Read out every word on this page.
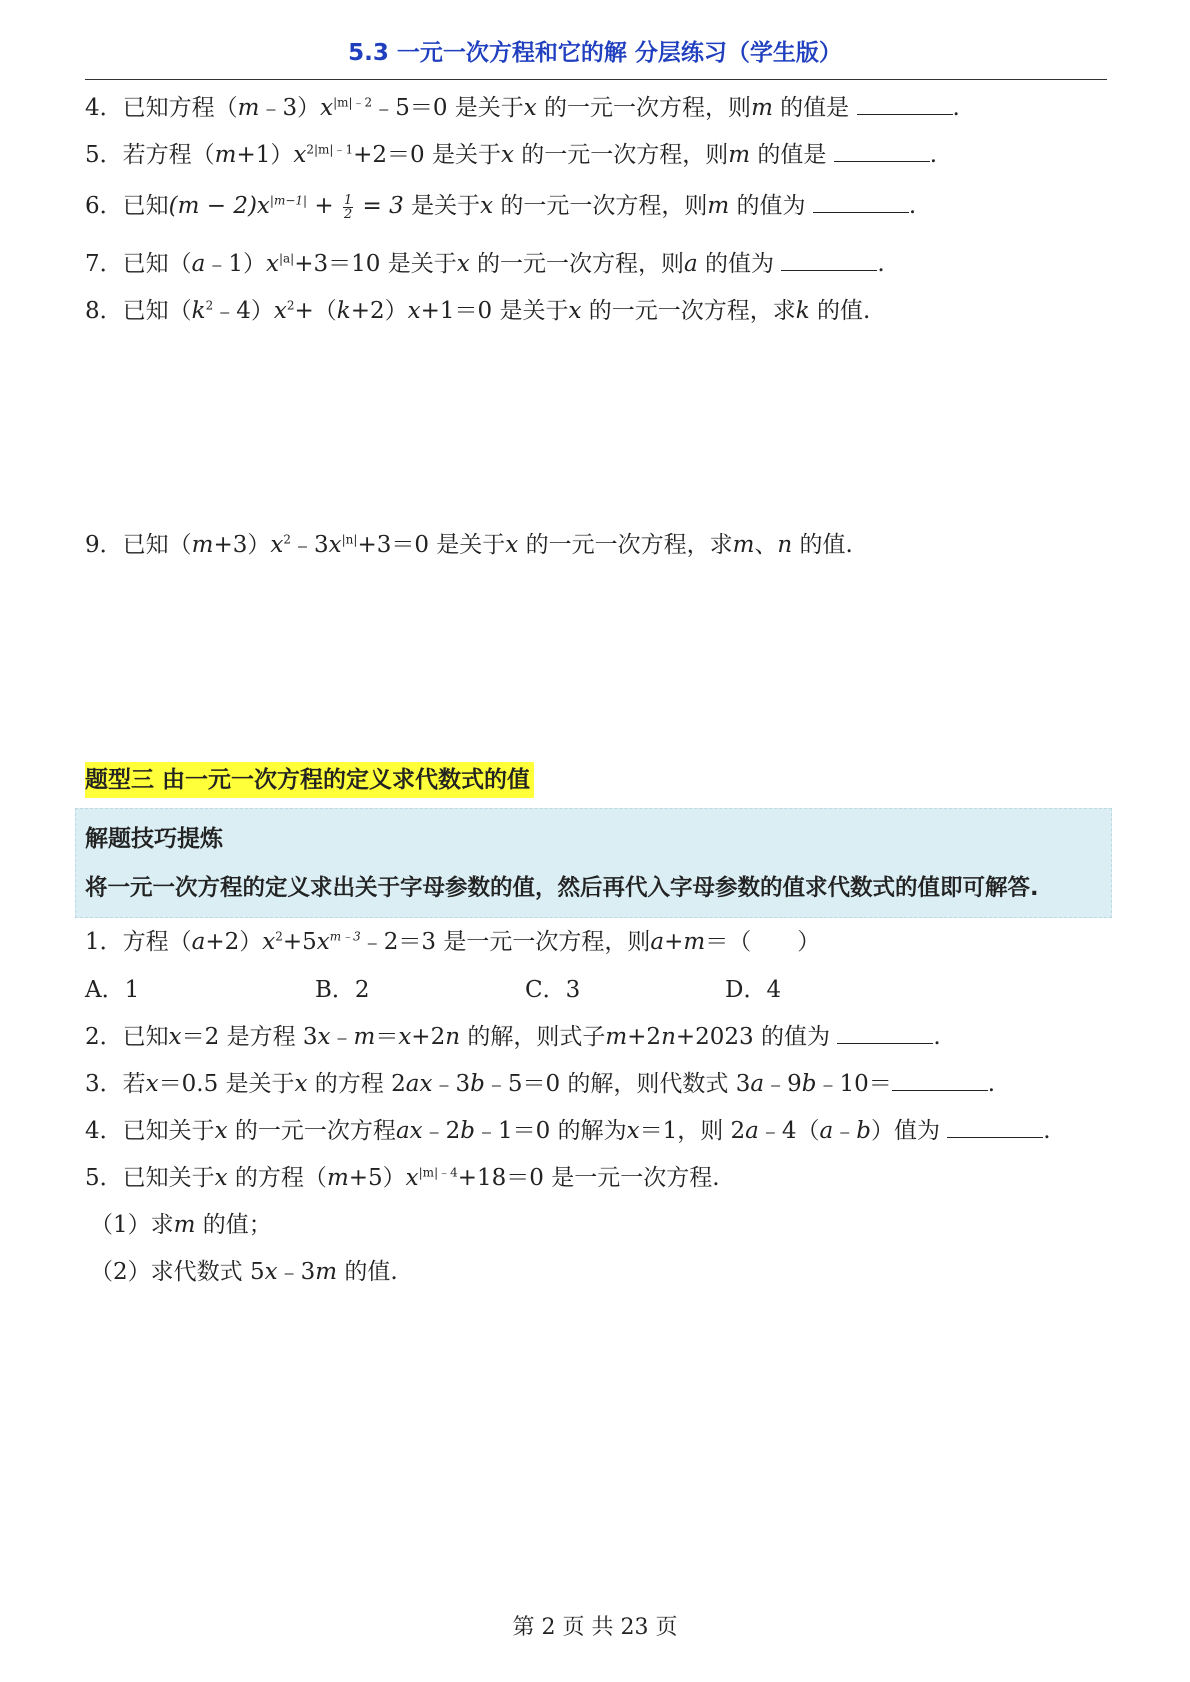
5.3 一元一次方程和它的解 分层练习（学生版）
4．已知方程$(m﹣3)x^{|m|﹣2}﹣5=0$ 是关于x 的一元一次方程，则m 的值是	.
5．若方程$(m+1)x^{2|m|﹣1}+2=0$ 是关于x 的一元一次方程，则m 的值是	.
6．已知$(m - 2)x^{|m-1|} + \frac{1}{2} = 3$ 是关于x 的一元一次方程，则m 的值为	.
7．已知$(a﹣1)x^{|a|}+3=10$ 是关于x 的一元一次方程，则a 的值为	.
8．已知$(k^2﹣4)x^2+(k+2)x+1=0$ 是关于x 的一元一次方程，求k 的值.
9．已知$(m+3)x^2﹣3x^{|n|}+3=0$ 是关于x 的一元一次方程，求m、n 的值.
题型三 由一元一次方程的定义求代数式的值
解题技巧提炼
将一元一次方程的定义求出关于字母参数的值，然后再代入字母参数的值求代数式的值即可解答.
1．方程$(a+2)x^2+5x^{m﹣3}﹣2=3$ 是一元一次方程，则a+m＝（　　）
A．1	B．2	C．3	D．4
2．已知x＝2 是方程 3x﹣m＝x+2n 的解，则式子m+2n+2023 的值为	.
3．若x＝0.5 是关于x 的方程 2ax﹣3b﹣5＝0 的解，则代数式 3a﹣9b﹣10＝	.
4．已知关于x 的一元一次方程ax﹣2b﹣1＝0 的解为x＝1，则 2a﹣4（a﹣b）值为	.
5．已知关于x 的方程$(m+5)x^{|m|﹣4}+18=0$ 是一元一次方程.
（1）求m 的值；
（2）求代数式 5x﹣3m 的值.
第 2 页 共 23 页
